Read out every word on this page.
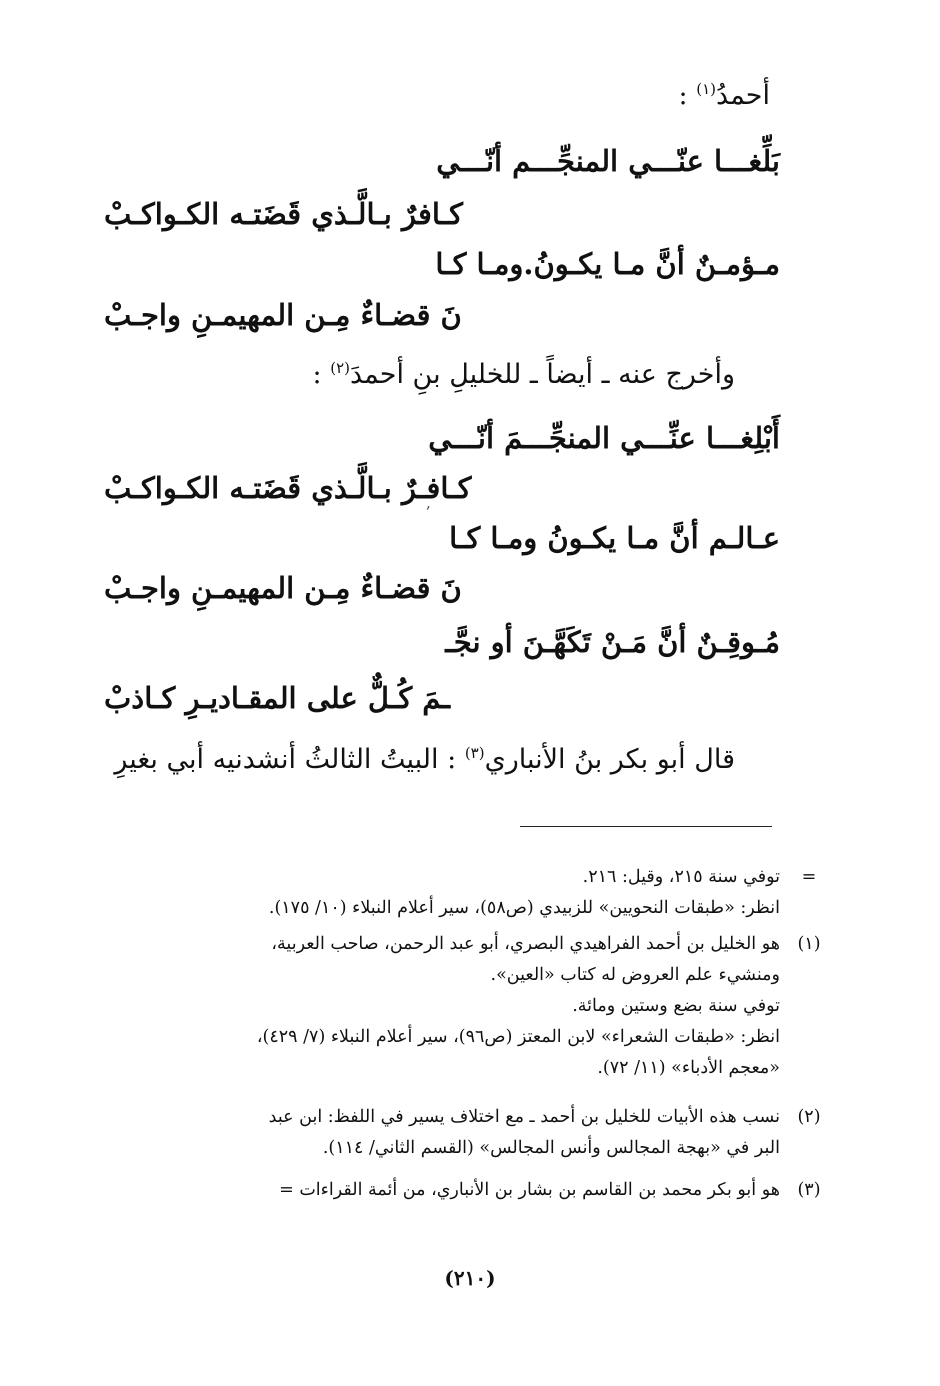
أحمدُ$^{(١)}$ :
بَلِّغـــا عنّـــي المنجِّـــم أنّـــي
كـافرٌ بـالَّـذي قَضَتـه الكـواكـبْ
مـؤمـنٌ أنَّ مـا يكـونُ.ومـا كـا
نَ قضـاءٌ مِـن المهيمـنِ واجـبْ
وأخرج عنه ـ أيضاً ـ للخليلِ بنِ أحمدَ$^{(٢)}$ :
أَبْلِغـــا عنِّـــي المنجِّـــمَ أنّـــي
كـافـرٌ بـالَّـذي قَضَتـه الكـواكـبْ
عـالـم أنَّ مـا يكـونُ ومـا كـا
نَ قضـاءٌ مِـن المهيمـنِ واجـبْ
مُـوقِـنٌ أنَّ مَـنْ تَكَهَّـنَ أو نجَّـ
ـمَ كُـلٌّ على المقـاديـرِ كـاذبْ
قال أبو بكر بنُ الأنباري$^{(٣)}$ : البيتُ الثالثُ أنشدنيه أبي بغيرِ
ʼ
=
توفي سنة ٢١٥، وقيل: ٢١٦.
انظر: «طبقات النحويين» للزبيدي (ص٥٨)، سير أعلام النبلاء (١٠/ ١٧٥).
(١)
هو الخليل بن أحمد الفراهيدي البصري، أبو عبد الرحمن، صاحب العربية،
ومنشيء علم العروض له كتاب «العين».
توفي سنة بضع وستين ومائة.
انظر: «طبقات الشعراء» لابن المعتز (ص٩٦)، سير أعلام النبلاء (٧/ ٤٢٩)،
«معجم الأدباء» (١١/ ٧٢).
(٢)
نسب هذه الأبيات للخليل بن أحمد ـ مع اختلاف يسير في اللفظ: ابن عبد
البر في «بهجة المجالس وأنس المجالس» (القسم الثاني/ ١١٤).
(٣)
هو أبو بكر محمد بن القاسم بن بشار بن الأنباري، من أئمة القراءات =
(٢١٠)
